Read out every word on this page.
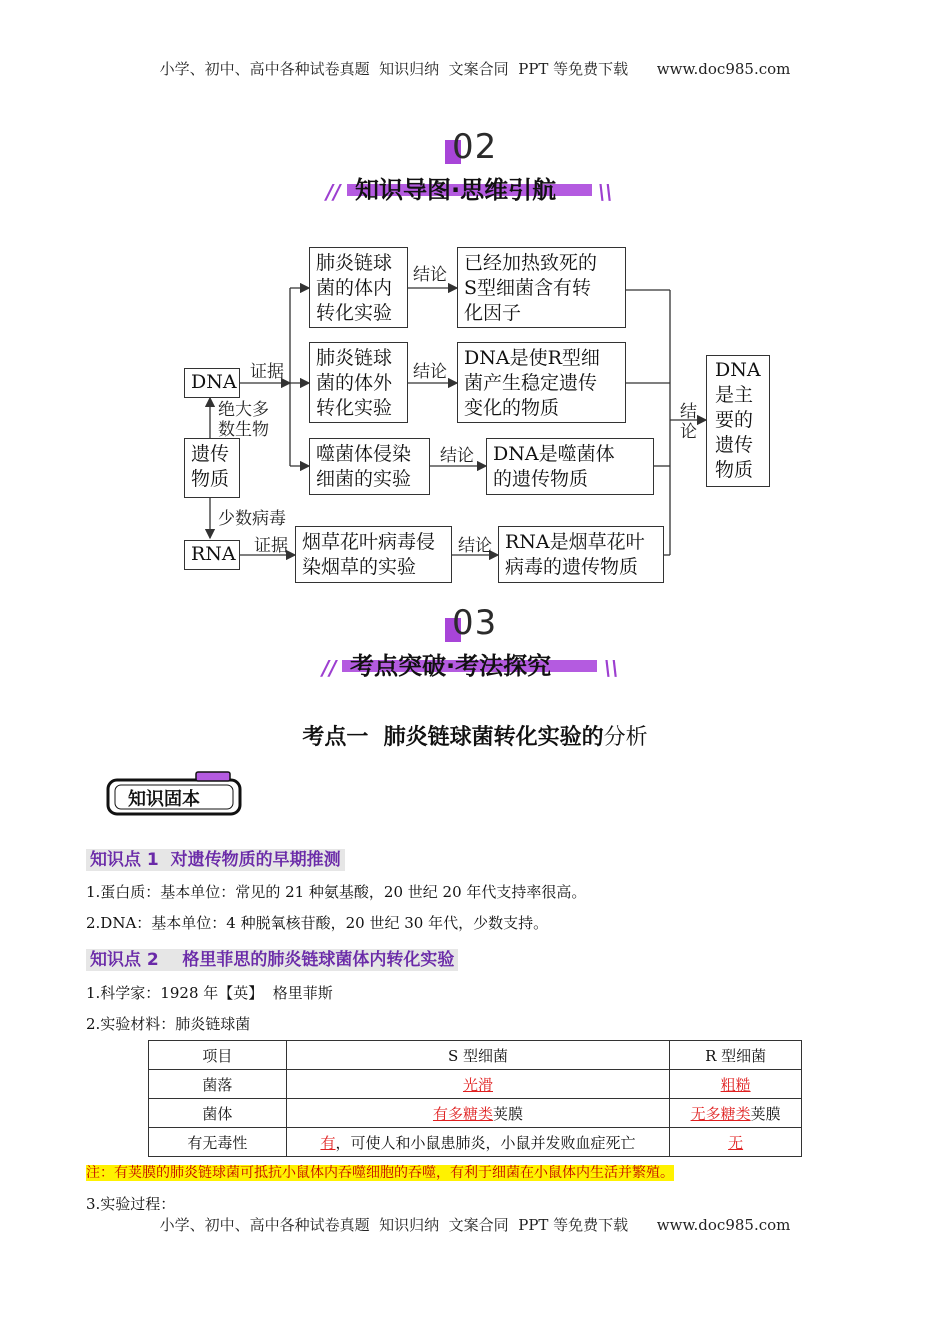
小学、初中、高中各种试卷真题  知识归纳  文案合同  PPT 等免费下载      www.doc985.com
02
// 知识导图·思维引航 \\
DNA
遗传
物质
RNA
绝大多
数生物
少数病毒
证据
证据
肺炎链球
菌的体内
转化实验
结论
已经加热致死的
S型细菌含有转
化因子
肺炎链球
菌的体外
转化实验
结论
DNA是使R型细
菌产生稳定遗传
变化的物质
噬菌体侵染
细菌的实验
结论 DNA是噬菌体
的遗传物质
烟草花叶病毒侵
染烟草的实验
结论 RNA是烟草花叶
病毒的遗传物质
结
论
DNA
是主
要的
遗传
物质
03
// 考点突破·考法探究	\\
考点一  肺炎链球菌转化实验的分析
知识固本
知识点 1  对遗传物质的早期推测
1.蛋白质：基本单位：常见的 21 种氨基酸，20 世纪 20 年代支持率很高。
2.DNA：基本单位：4 种脱氧核苷酸，20 世纪 30 年代，少数支持。
知识点 2    格里菲思的肺炎链球菌体内转化实验
1.科学家：1928 年【英】  格里菲斯
2.实验材料：肺炎链球菌
项目	S 型细菌	R 型细菌
菌落	光滑	粗糙
菌体	有多糖类荚膜	无多糖类荚膜
有无毒性	有，可使人和小鼠患肺炎，小鼠并发败血症死亡	无
注：有荚膜的肺炎链球菌可抵抗小鼠体内吞噬细胞的吞噬，有利于细菌在小鼠体内生活并繁殖。
3.实验过程：
小学、初中、高中各种试卷真题  知识归纳  文案合同  PPT 等免费下载      www.doc985.com
